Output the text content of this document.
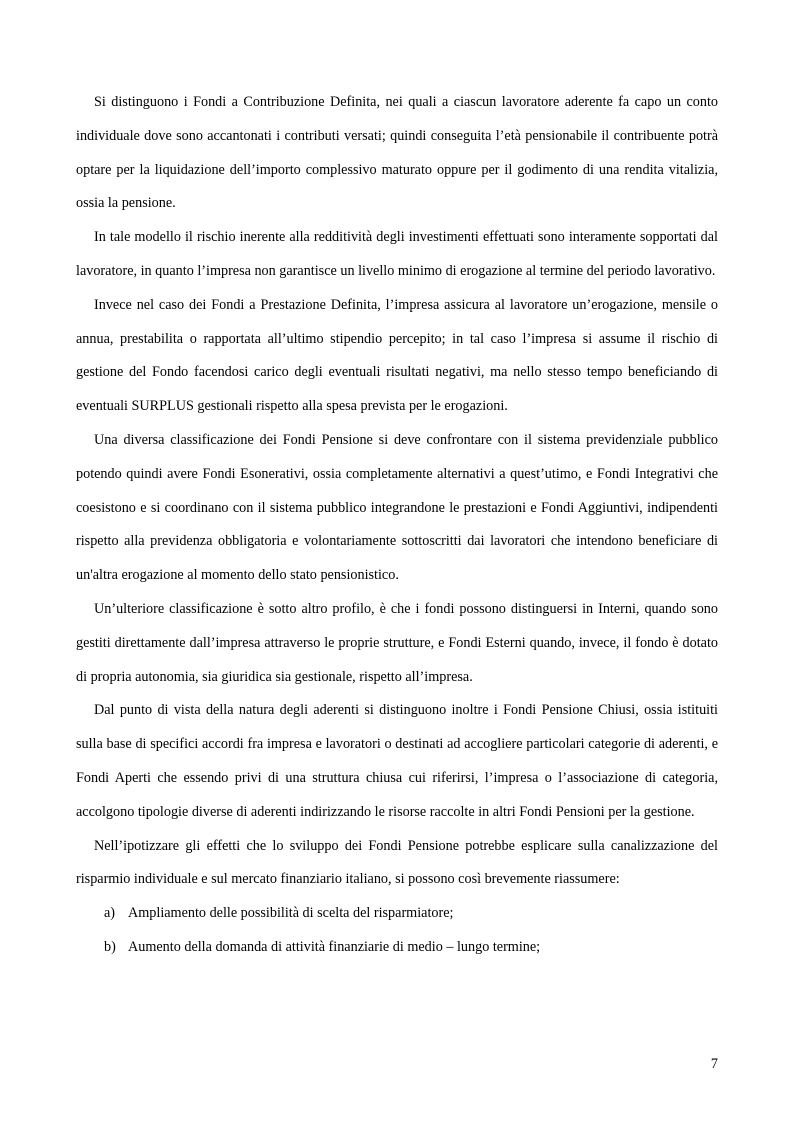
Si distinguono i Fondi a Contribuzione Definita, nei quali a ciascun lavoratore aderente fa capo un conto individuale dove sono accantonati i contributi versati; quindi conseguita l’età pensionabile il contribuente potrà optare per la liquidazione dell’importo complessivo maturato oppure per il godimento di una rendita vitalizia, ossia la pensione.

In tale modello il rischio inerente alla redditività degli investimenti effettuati sono interamente sopportati dal lavoratore, in quanto l’impresa non garantisce un livello minimo di erogazione al termine del periodo lavorativo.

Invece nel caso dei Fondi a Prestazione Definita, l’impresa assicura al lavoratore un’erogazione, mensile o annua, prestabilita o rapportata all’ultimo stipendio percepito; in tal caso l’impresa si assume il rischio di gestione del Fondo facendosi carico degli eventuali risultati negativi, ma nello stesso tempo beneficiando di eventuali SURPLUS gestionali rispetto alla spesa prevista per le erogazioni.

Una diversa classificazione dei Fondi Pensione si deve confrontare con il sistema previdenziale pubblico potendo quindi avere Fondi Esonerativi, ossia completamente alternativi a quest’utimo, e Fondi Integrativi che coesistono e si coordinano con il sistema pubblico integrandone le prestazioni e Fondi Aggiuntivi, indipendenti rispetto alla previdenza obbligatoria e volontariamente sottoscritti dai lavoratori che intendono beneficiare di un'altra erogazione al momento dello stato pensionistico.

Un’ulteriore classificazione è sotto altro profilo, è che i fondi possono distinguersi in Interni, quando sono gestiti direttamente dall’impresa attraverso le proprie strutture, e Fondi Esterni quando, invece, il fondo è dotato di propria autonomia, sia giuridica sia gestionale, rispetto all’impresa.

Dal punto di vista della natura degli aderenti si distinguono inoltre i Fondi Pensione Chiusi, ossia istituiti sulla base di specifici accordi fra impresa e lavoratori o destinati ad accogliere particolari categorie di aderenti, e Fondi Aperti che essendo privi di una struttura chiusa cui riferirsi, l’impresa o l’associazione di categoria, accolgono tipologie diverse di aderenti indirizzando le risorse raccolte in altri Fondi Pensioni per la gestione.

Nell’ipotizzare gli effetti che lo sviluppo dei Fondi Pensione potrebbe esplicare sulla canalizzazione del risparmio individuale e sul mercato finanziario italiano, si possono così brevemente riassumere:

a) Ampliamento delle possibilità di scelta del risparmiatore;
b) Aumento della domanda di attività finanziarie di medio – lungo termine;
7
